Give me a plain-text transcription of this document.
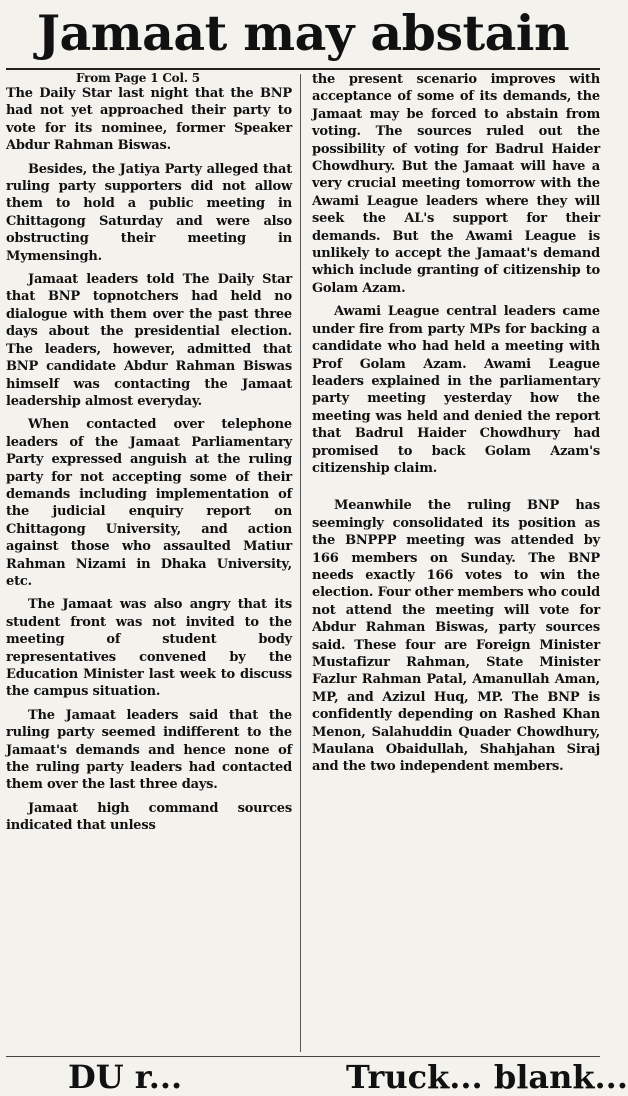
Jamaat may abstain
From Page 1 Col. 5

The Daily Star last night that the BNP had not yet approached their party to vote for its nominee, former Speaker Abdur Rahman Biswas.

Besides, the Jatiya Party alleged that ruling party supporters did not allow them to hold a public meeting in Chittagong Saturday and were also obstructing their meeting in Mymensingh.

Jamaat leaders told The Daily Star that BNP topnotchers had held no dialogue with them over the past three days about the presidential election. The leaders, however, admitted that BNP candidate Abdur Rahman Biswas himself was contacting the Jamaat leadership almost everyday.

When contacted over telephone leaders of the Jamaat Parliamentary Party expressed anguish at the ruling party for not accepting some of their demands including implementation of the judicial enquiry report on Chittagong University, and action against those who assaulted Matiur Rahman Nizami in Dhaka University, etc.

The Jamaat was also angry that its student front was not invited to the meeting of student body representatives convened by the Education Minister last week to discuss the campus situation.

The Jamaat leaders said that the ruling party seemed indifferent to the Jamaat's demands and hence none of the ruling party leaders had contacted them over the last three days.

Jamaat high command sources indicated that unless

the present scenario improves with acceptance of some of its demands, the Jamaat may be forced to abstain from voting. The sources ruled out the possibility of voting for Badrul Haider Chowdhury. But the Jamaat will have a very crucial meeting tomorrow with the Awami League leaders where they will seek the AL's support for their demands. But the Awami League is unlikely to accept the Jamaat's demand which include granting of citizenship to Golam Azam.

Awami League central leaders came under fire from party MPs for backing a candidate who had held a meeting with Prof Golam Azam. Awami League leaders explained in the parliamentary party meeting yesterday how the meeting was held and denied the report that Badrul Haider Chowdhury had promised to back Golam Azam's citizenship claim.

Meanwhile the ruling BNP has seemingly consolidated its position as the BNPPP meeting was attended by 166 members on Sunday. The BNP needs exactly 166 votes to win the election. Four other members who could not attend the meeting will vote for Abdur Rahman Biswas, party sources said. These four are Foreign Minister Mustafizur Rahman, State Minister Fazlur Rahman Patal, Amanullah Aman, MP, and Azizul Huq, MP. The BNP is confidently depending on Rashed Khan Menon, Salahuddin Quader Chowdhury, Maulana Obaidullah, Shahjahan Siraj and the two independent members.

DU r...	Truck... blank...
